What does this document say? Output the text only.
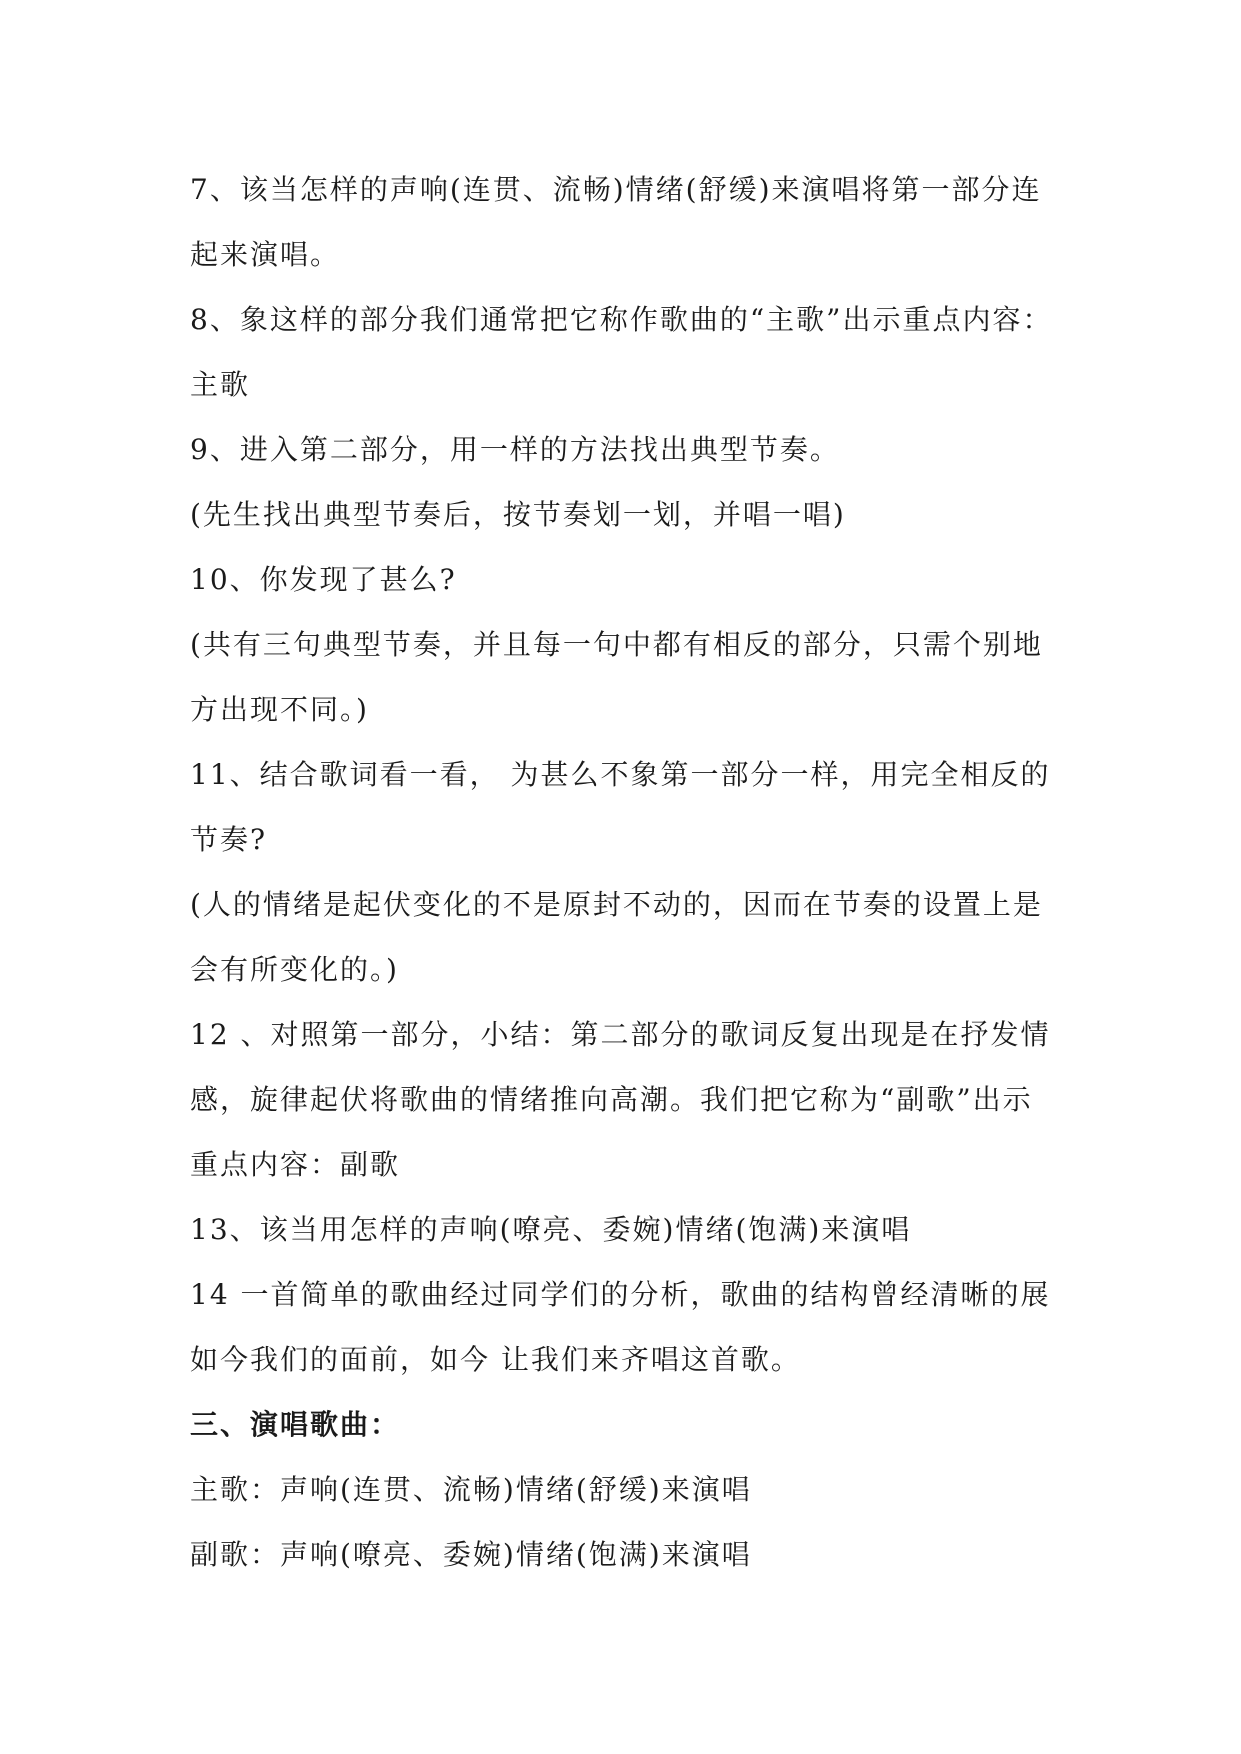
7、该当怎样的声响(连贯、流畅)情绪(舒缓)来演唱将第一部分连
起来演唱。
8、象这样的部分我们通常把它称作歌曲的“主歌”出示重点内容：
主歌
9、进入第二部分，用一样的方法找出典型节奏。
(先生找出典型节奏后，按节奏划一划，并唱一唱)
10、你发现了甚么?
(共有三句典型节奏，并且每一句中都有相反的部分，只需个别地
方出现不同。)
11、结合歌词看一看， 为甚么不象第一部分一样，用完全相反的
节奏?
(人的情绪是起伏变化的不是原封不动的，因而在节奏的设置上是
会有所变化的。)
12 、对照第一部分，小结：第二部分的歌词反复出现是在抒发情
感，旋律起伏将歌曲的情绪推向高潮。我们把它称为“副歌”出示
重点内容：副歌
13、该当用怎样的声响(嘹亮、委婉)情绪(饱满)来演唱
14 一首简单的歌曲经过同学们的分析，歌曲的结构曾经清晰的展
如今我们的面前，如今 让我们来齐唱这首歌。
三、演唱歌曲：
主歌：声响(连贯、流畅)情绪(舒缓)来演唱
副歌：声响(嘹亮、委婉)情绪(饱满)来演唱
